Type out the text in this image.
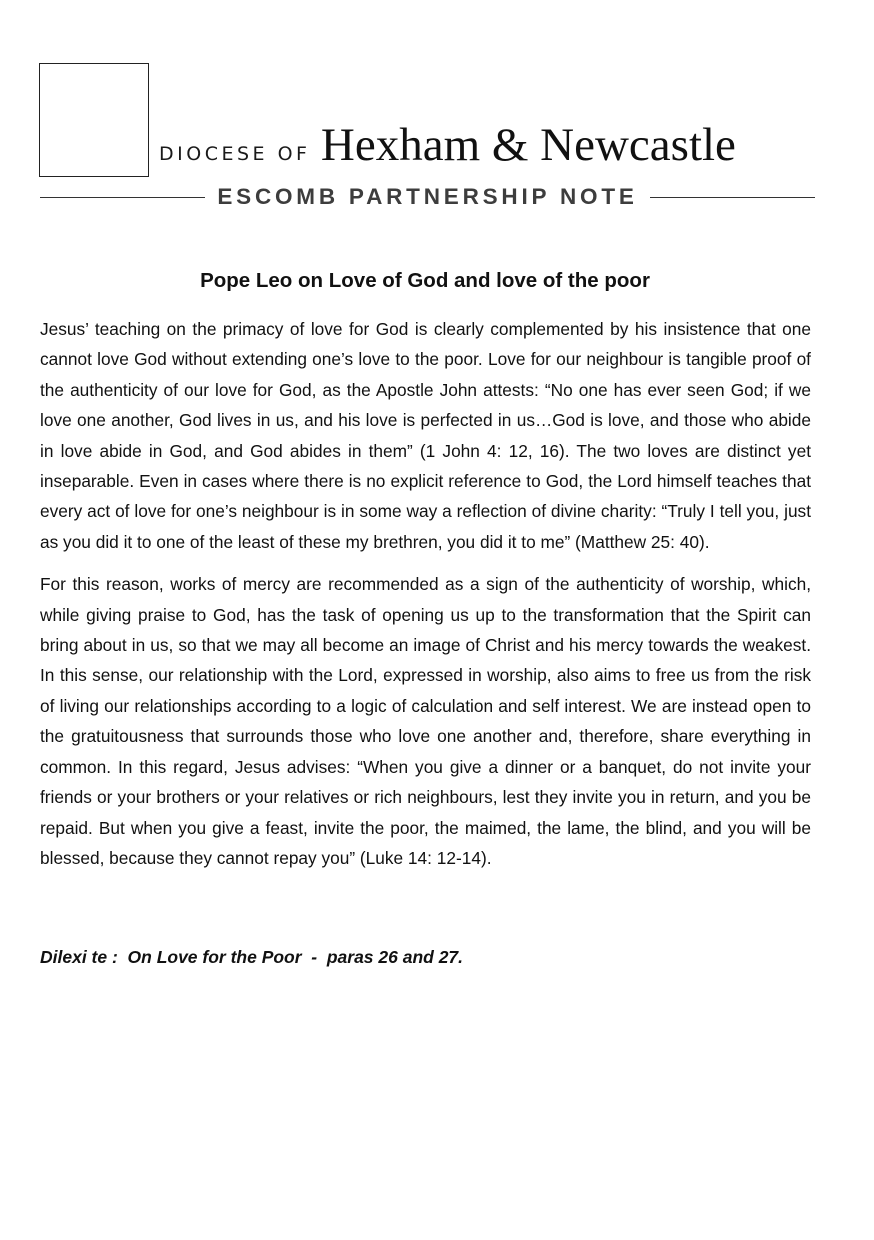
DIOCESE OF Hexham & Newcastle
ESCOMB PARTNERSHIP NOTE
Pope Leo on Love of God and love of the poor

Jesus’ teaching on the primacy of love for God is clearly complemented by his insistence that one cannot love God without extending one’s love to the poor. Love for our neighbour is tangible proof of the authenticity of our love for God, as the Apostle John attests: “No one has ever seen God; if we love one another, God lives in us, and his love is perfected in us…God is love, and those who abide in love abide in God, and God abides in them” (1 John 4: 12, 16). The two loves are distinct yet inseparable. Even in cases where there is no explicit reference to God, the Lord himself teaches that every act of love for one’s neighbour is in some way a reflection of divine charity: “Truly I tell you, just as you did it to one of the least of these my brethren, you did it to me” (Matthew 25: 40).

For this reason, works of mercy are recommended as a sign of the authenticity of worship, which, while giving praise to God, has the task of opening us up to the transformation that the Spirit can bring about in us, so that we may all become an image of Christ and his mercy towards the weakest. In this sense, our relationship with the Lord, expressed in worship, also aims to free us from the risk of living our relationships according to a logic of calculation and self interest. We are instead open to the gratuitousness that surrounds those who love one another and, therefore, share everything in common. In this regard, Jesus advises: “When you give a dinner or a banquet, do not invite your friends or your brothers or your relatives or rich neighbours, lest they invite you in return, and you be repaid. But when you give a feast, invite the poor, the maimed, the lame, the blind, and you will be blessed, because they cannot repay you” (Luke 14: 12-14).

Dilexi te :  On Love for the Poor  -  paras 26 and 27.
